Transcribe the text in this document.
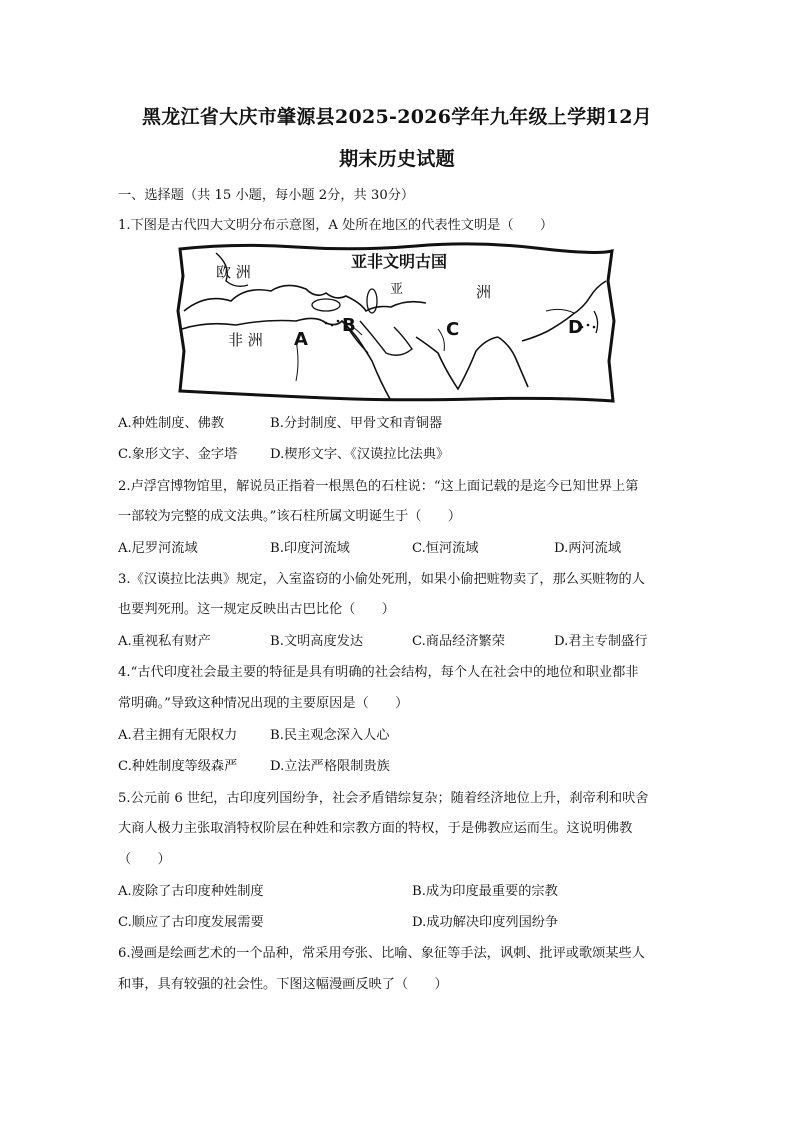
黑龙江省大庆市肇源县2025-2026学年九年级上学期12月
期末历史试题
一、选择题（共 15 小题，每小题 2分，共 30分）
1.下图是古代四大文明分布示意图，A 处所在地区的代表性文明是（　　）
亚非文明古国
欧 洲
非 洲
亚	洲
A
B	C	D
A.种姓制度、佛教	B.分封制度、甲骨文和青铜器
C.象形文字、金字塔 D.楔形文字、《汉谟拉比法典》
2.卢浮宫博物馆里，解说员正指着一根黑色的石柱说：“这上面记载的是迄今已知世界上第
一部较为完整的成文法典。”该石柱所属文明诞生于（　　）
A.尼罗河流域	B.印度河流域	C.恒河流域	D.两河流域
3.《汉谟拉比法典》规定，入室盗窃的小偷处死刑，如果小偷把赃物卖了，那么买赃物的人
也要判死刑。这一规定反映出古巴比伦（　　）
A.重视私有财产	B.文明高度发达	C.商品经济繁荣	D.君主专制盛行
4.“古代印度社会最主要的特征是具有明确的社会结构，每个人在社会中的地位和职业都非
常明确。”导致这种情况出现的主要原因是（　　）
A.君主拥有无限权力 B.民主观念深入人心
C.种姓制度等级森严 D.立法严格限制贵族
5.公元前 6 世纪，古印度列国纷争，社会矛盾错综复杂；随着经济地位上升，刹帝利和吠舍
大商人极力主张取消特权阶层在种姓和宗教方面的特权，于是佛教应运而生。这说明佛教
（　　）
A.废除了古印度种姓制度	B.成为印度最重要的宗教
C.顺应了古印度发展需要	D.成功解决印度列国纷争
6.漫画是绘画艺术的一个品种，常采用夸张、比喻、象征等手法，讽刺、批评或歌颂某些人
和事，具有较强的社会性。下图这幅漫画反映了（　　）
